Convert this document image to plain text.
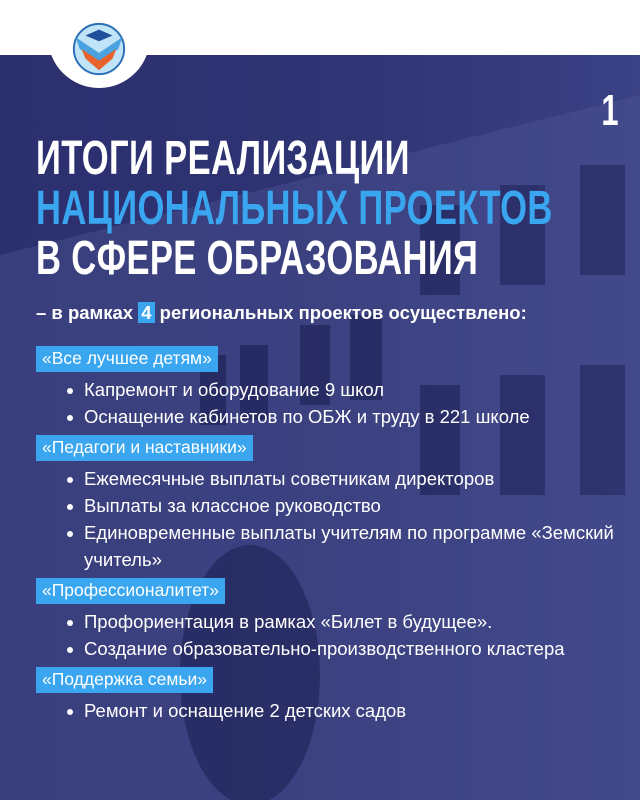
1
ИТОГИ РЕАЛИЗАЦИИ
НАЦИОНАЛЬНЫХ ПРОЕКТОВ
В СФЕРЕ ОБРАЗОВАНИЯ
– в рамках 4 региональных проектов осуществлено:
«Все лучшее детям»
Капремонт и оборудование 9 школ
Оснащение кабинетов по ОБЖ и труду в 221 школе
«Педагоги и наставники»
Ежемесячные выплаты советникам директоров
Выплаты за классное руководство
Единовременные выплаты учителям по программе «Земский учитель»
«Профессионалитет»
Профориентация в рамках «Билет в будущее».
Создание образовательно-производственного кластера
«Поддержка семьи»
Ремонт и оснащение 2 детских садов
